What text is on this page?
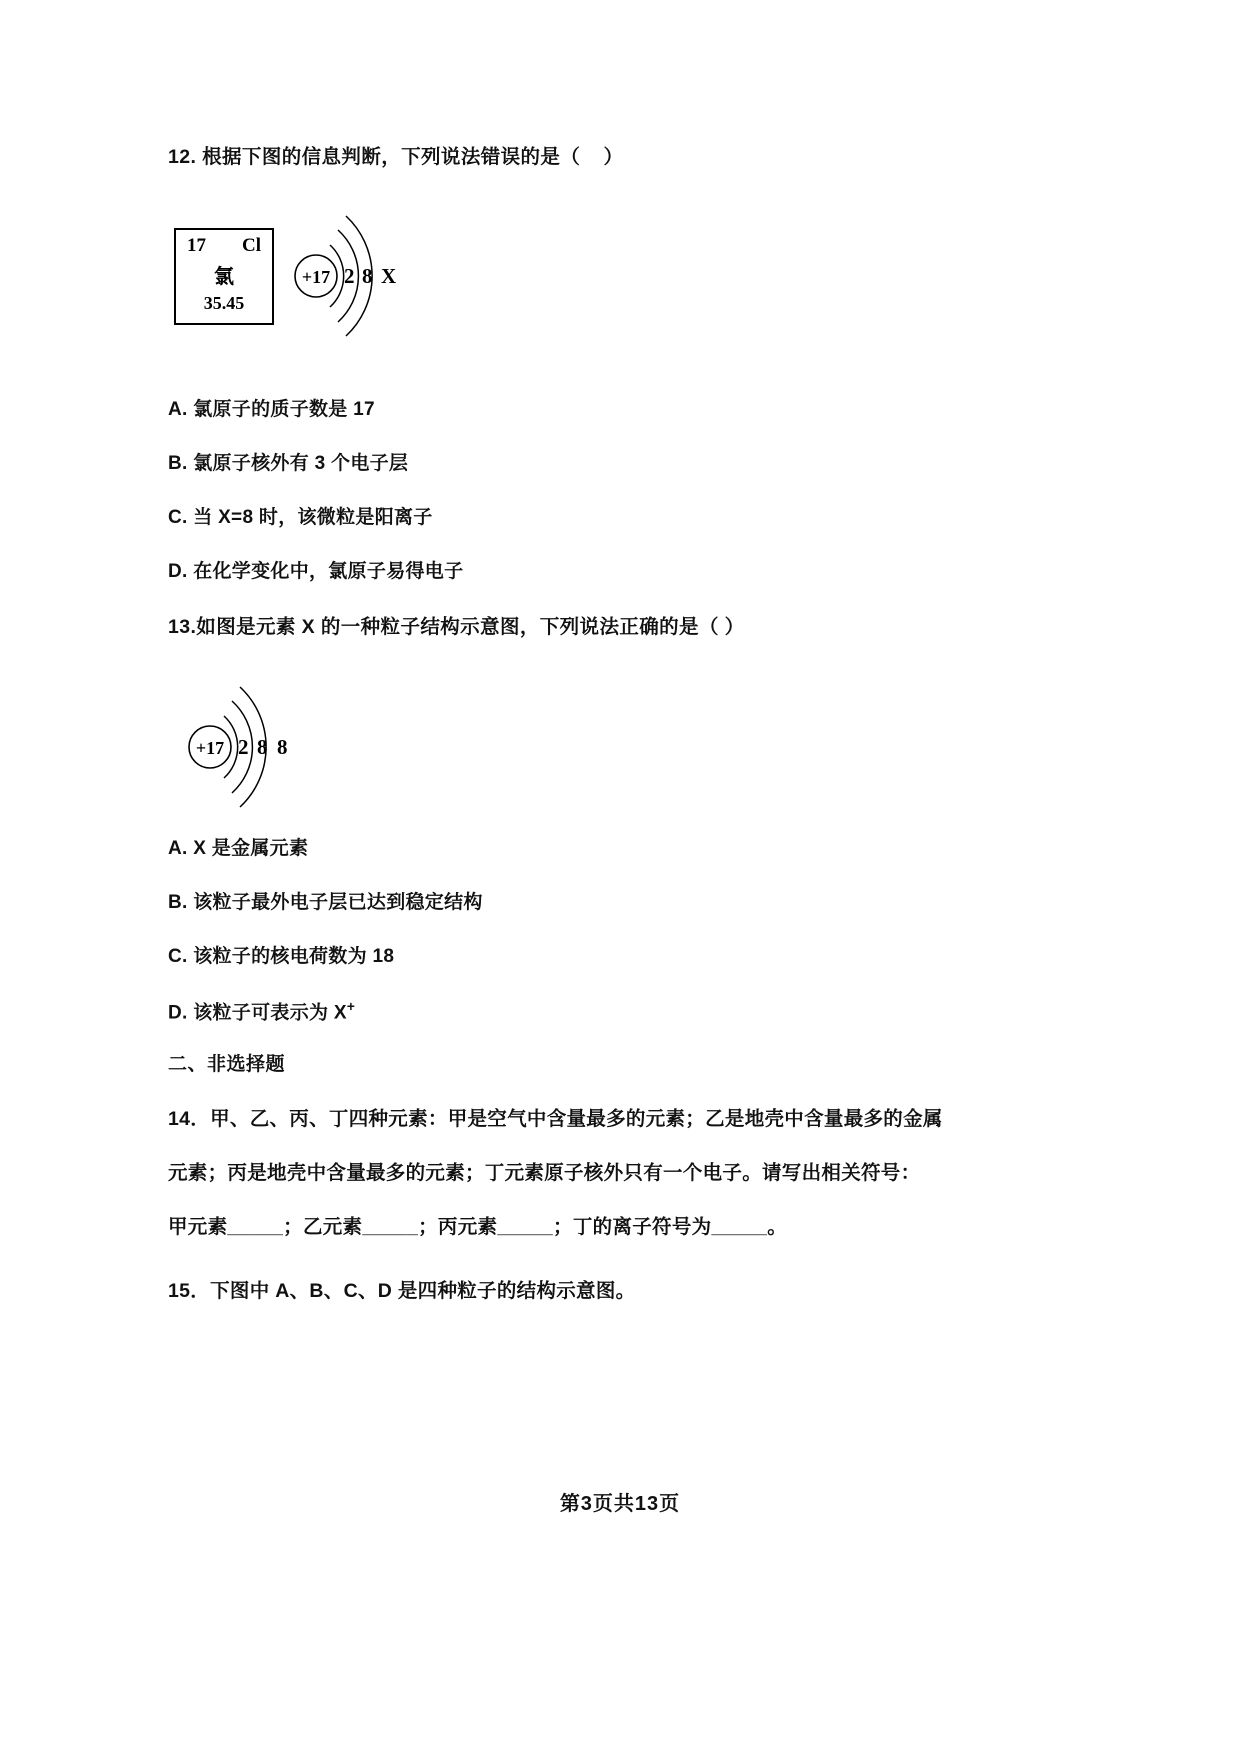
12. 根据下图的信息判断，下列说法错误的是（    ）
17 Cl
氯
35.45
+17 2 8 X
A. 氯原子的质子数是 17
B. 氯原子核外有 3 个电子层
C. 当 X=8 时，该微粒是阳离子
D. 在化学变化中，氯原子易得电子
13.如图是元素 X 的一种粒子结构示意图，下列说法正确的是（ ）
+17 2 8 8
A. X 是金属元素
B. 该粒子最外电子层已达到稳定结构
C. 该粒子的核电荷数为 18
D. 该粒子可表示为 X+
二、非选择题
14．甲、乙、丙、丁四种元素：甲是空气中含量最多的元素；乙是地壳中含量最多的金属
元素；丙是地壳中含量最多的元素；丁元素原子核外只有一个电子。请写出相关符号：
甲元素_____；乙元素_____；丙元素_____；丁的离子符号为_____。
15．下图中 A、B、C、D 是四种粒子的结构示意图。
第3页共13页
